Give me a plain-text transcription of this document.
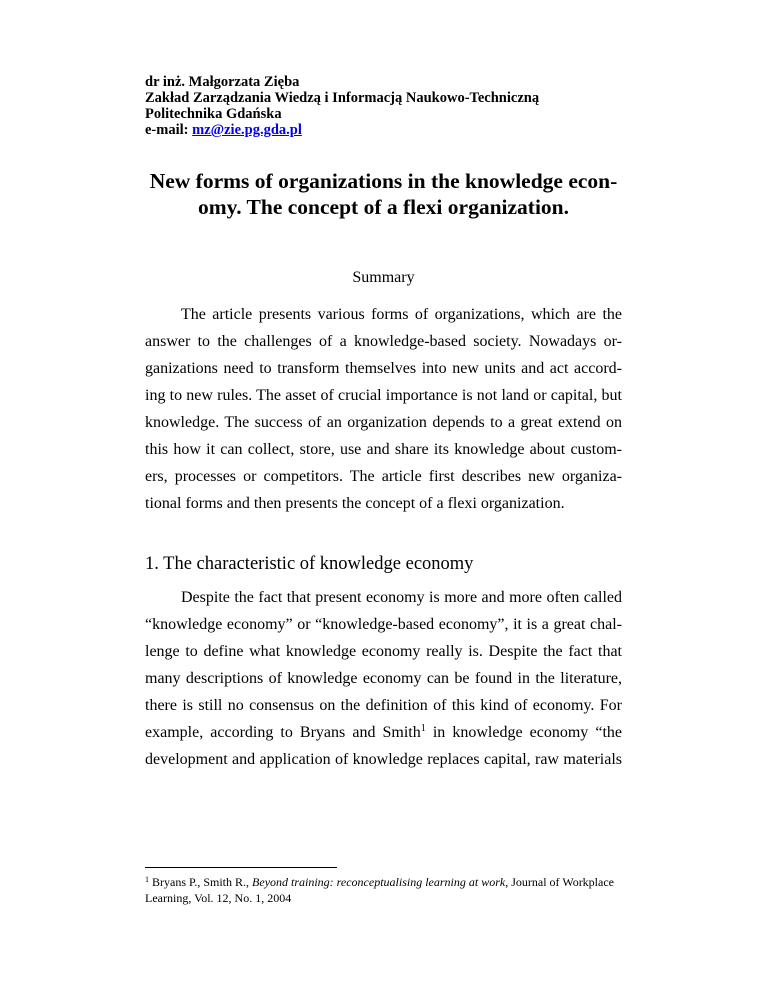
dr inż. Małgorzata Zięba
Zakład Zarządzania Wiedzą i Informacją Naukowo-Techniczną
Politechnika Gdańska
e-mail: mz@zie.pg.gda.pl
New forms of organizations in the knowledge econ-
omy. The concept of a flexi organization.
Summary
The article presents various forms of organizations, which are the
answer to the challenges of a knowledge-based society. Nowadays or-
ganizations need to transform themselves into new units and act accord-
ing to new rules. The asset of crucial importance is not land or capital, but
knowledge. The success of an organization depends to a great extend on
this how it can collect, store, use and share its knowledge about custom-
ers, processes or competitors. The article first describes new organiza-
tional forms and then presents the concept of a flexi organization.
1. The characteristic of knowledge economy
Despite the fact that present economy is more and more often called
“knowledge economy” or “knowledge-based economy”, it is a great chal-
lenge to define what knowledge economy really is. Despite the fact that
many descriptions of knowledge economy can be found in the literature,
there is still no consensus on the definition of this kind of economy. For
example, according to Bryans and Smith$^1$ in knowledge economy “the
development and application of knowledge replaces capital, raw materials
$^1$ Bryans P., Smith R., Beyond training: reconceptualising learning at work, Journal of Workplace
Learning, Vol. 12, No. 1, 2004
